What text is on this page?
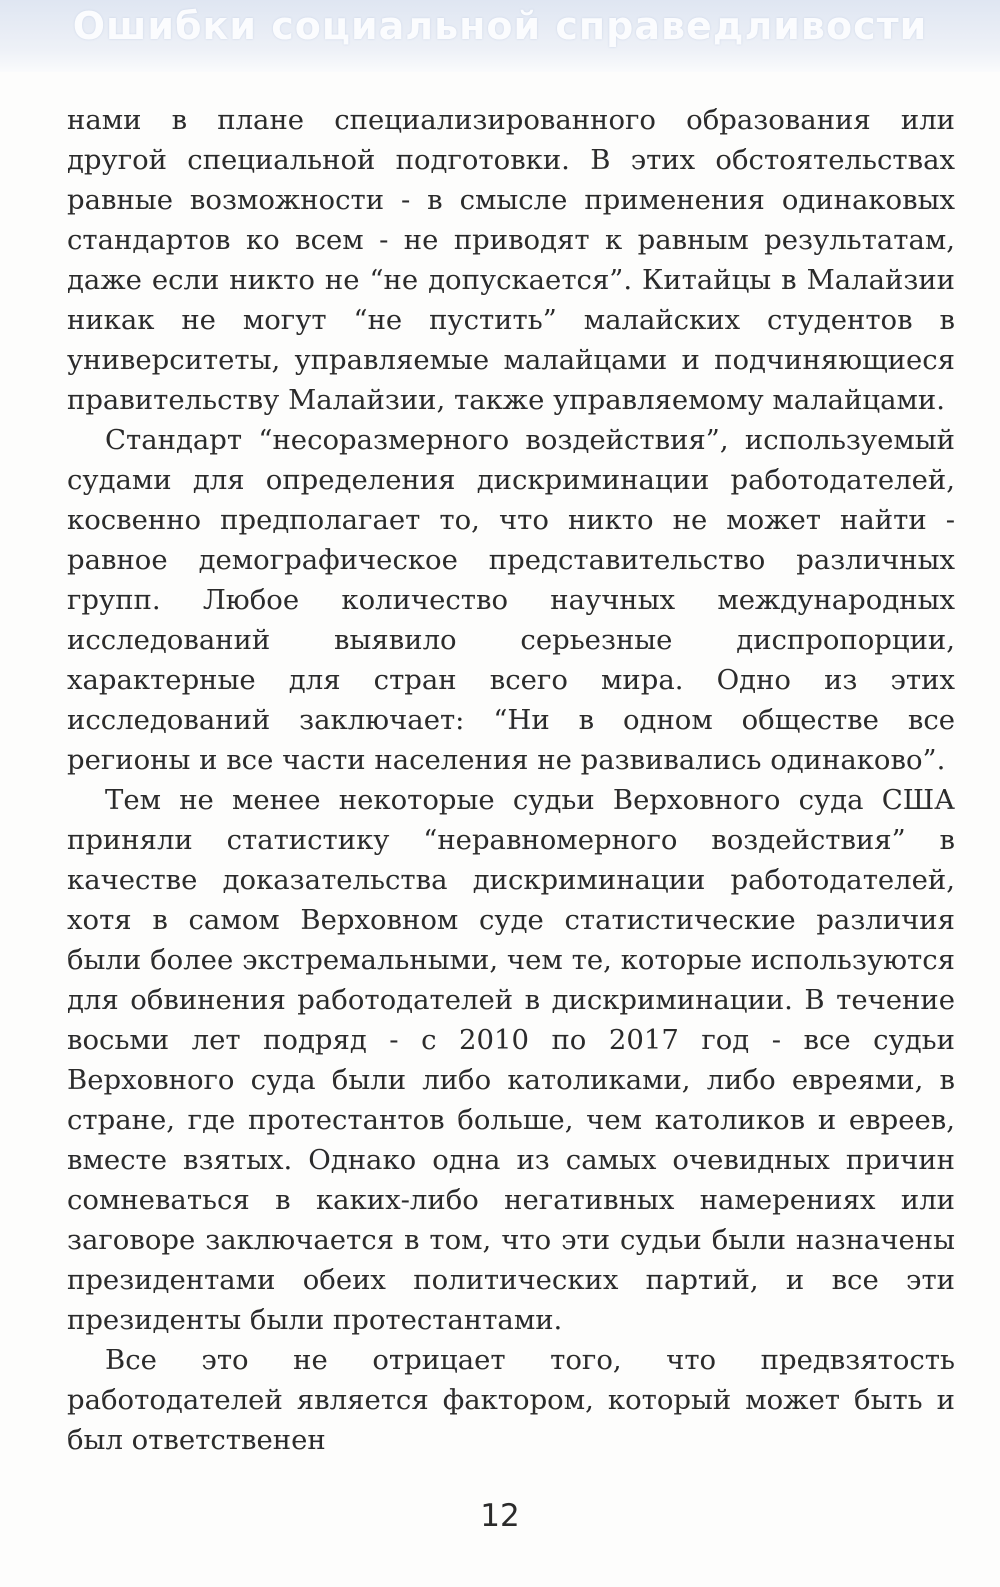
Ошибки социальной справедливости

нами в плане специализированного образования или другой специальной подготовки. В этих обстоятельствах равные возможности - в смысле применения одинаковых стандартов ко всем - не приводят к равным результатам, даже если никто не “не допускается”. Китайцы в Малайзии никак не могут “не пустить” малайских студентов в университеты, управляемые малайцами и подчиняющиеся правительству Малайзии, также управляемому малайцами.

Стандарт “несоразмерного воздействия”, используемый судами для определения дискриминации работодателей, косвенно предполагает то, что никто не может найти - равное демографическое представительство различных групп. Любое количество научных международных исследований выявило серьезные диспропорции, характерные для стран всего мира. Одно из этих исследований заключает: “Ни в одном обществе все регионы и все части населения не развивались одинаково”.

Тем не менее некоторые судьи Верховного суда США приняли статистику “неравномерного воздействия” в качестве доказательства дискриминации работодателей, хотя в самом Верховном суде статистические различия были более экстремальными, чем те, которые используются для обвинения работодателей в дискриминации. В течение восьми лет подряд - с 2010 по 2017 год - все судьи Верховного суда были либо католиками, либо евреями, в стране, где протестантов больше, чем католиков и евреев, вместе взятых. Однако одна из самых очевидных причин сомневаться в каких-либо негативных намерениях или заговоре заключается в том, что эти судьи были назначены президентами обеих политических партий, и все эти президенты были протестантами.

Все это не отрицает того, что предвзятость работодателей является фактором, который может быть и был ответственен

12
